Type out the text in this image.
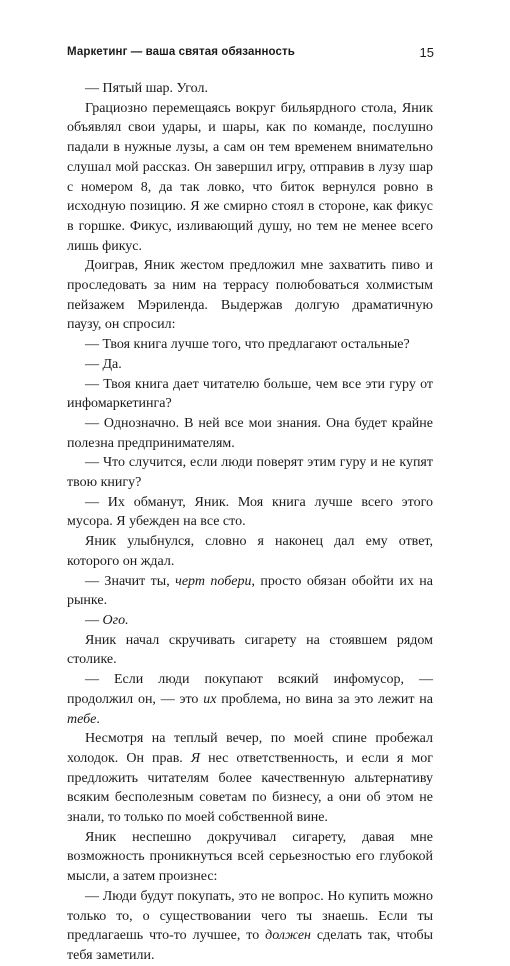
Маркетинг — ваша святая обязанность	15

— Пятый шар. Угол.

Грациозно перемещаясь вокруг бильярдного стола, Яник объявлял свои удары, и шары, как по команде, послушно падали в нужные лузы, а сам он тем временем внимательно слушал мой рассказ. Он завершил игру, отправив в лузу шар с номером 8, да так ловко, что биток вернулся ровно в исходную позицию. Я же смирно стоял в стороне, как фикус в горшке. Фикус, изливающий душу, но тем не менее всего лишь фикус.

Доиграв, Яник жестом предложил мне захватить пиво и проследовать за ним на террасу полюбоваться холмистым пейзажем Мэриленда. Выдержав долгую драматичную паузу, он спросил:

— Твоя книга лучше того, что предлагают остальные?

— Да.

— Твоя книга дает читателю больше, чем все эти гуру от инфомаркетинга?

— Однозначно. В ней все мои знания. Она будет крайне полезна предпринимателям.

— Что случится, если люди поверят этим гуру и не купят твою книгу?

— Их обманут, Яник. Моя книга лучше всего этого мусора. Я убежден на все сто.

Яник улыбнулся, словно я наконец дал ему ответ, которого он ждал.

— Значит ты, черт побери, просто обязан обойти их на рынке.

— Ого.

Яник начал скручивать сигарету на стоявшем рядом столике.

— Если люди покупают всякий инфомусор, — продолжил он, — это их проблема, но вина за это лежит на тебе.

Несмотря на теплый вечер, по моей спине пробежал холодок. Он прав. Я нес ответственность, и если я мог предложить читателям более качественную альтернативу всяким бесполезным советам по бизнесу, а они об этом не знали, то только по моей собственной вине.

Яник неспешно докручивал сигарету, давая мне возможность проникнуться всей серьезностью его глубокой мысли, а затем произнес:

— Люди будут покупать, это не вопрос. Но купить можно только то, о существовании чего ты знаешь. Если ты предлагаешь что-то лучшее, то должен сделать так, чтобы тебя заметили.
